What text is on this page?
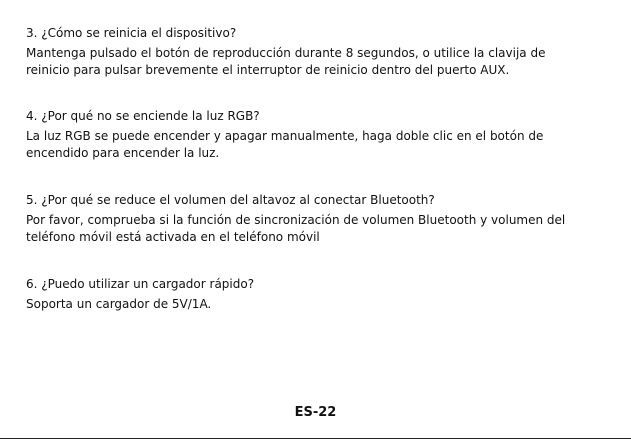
3. ¿Cómo se reinicia el dispositivo?

Mantenga pulsado el botón de reproducción durante 8 segundos, o utilice la clavija de
reinicio para pulsar brevemente el interruptor de reinicio dentro del puerto AUX.

4. ¿Por qué no se enciende la luz RGB?

La luz RGB se puede encender y apagar manualmente, haga doble clic en el botón de
encendido para encender la luz.

5. ¿Por qué se reduce el volumen del altavoz al conectar Bluetooth?

Por favor, comprueba si la función de sincronización de volumen Bluetooth y volumen del
teléfono móvil está activada en el teléfono móvil

6. ¿Puedo utilizar un cargador rápido?

Soporta un cargador de 5V/1A.

ES-22
